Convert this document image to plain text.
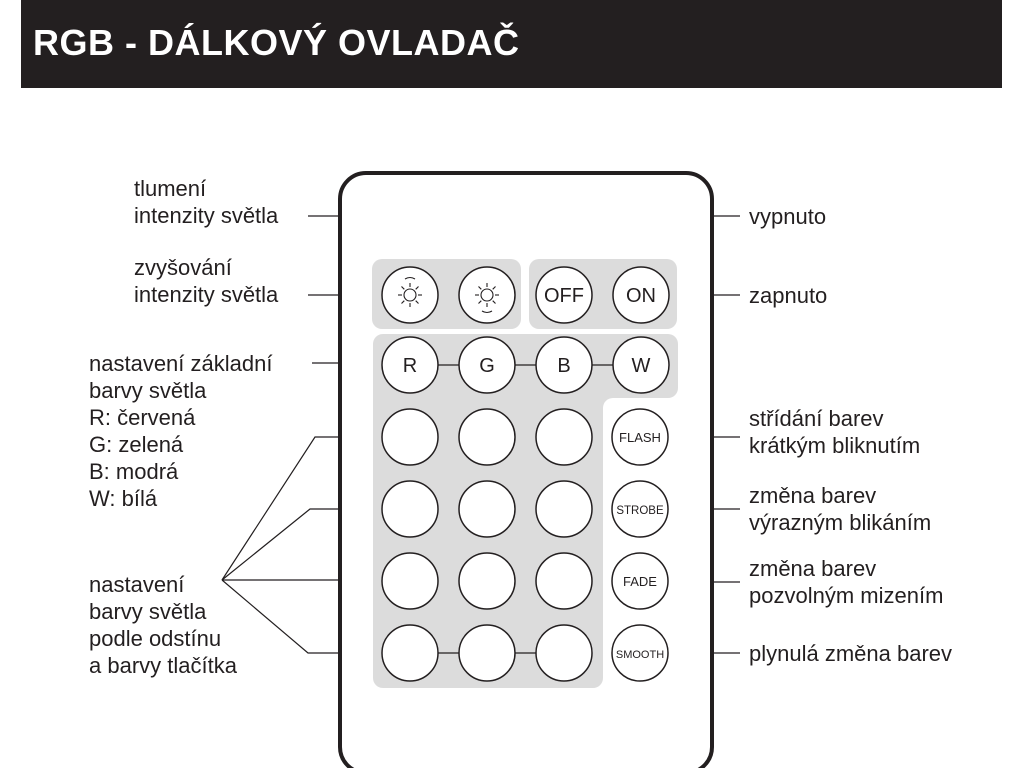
RGB - DÁLKOVÝ OVLADAČ
OFF ON
R	G	B	W
FLASH
STROBE
FADE
SMOOTH
tlumení
intenzity světla
zvyšování
intenzity světla
nastavení základní
barvy světla
R: červená
G: zelená
B: modrá
W: bílá
nastavení
barvy světla
podle odstínu
a barvy tlačítka
vypnuto
zapnuto
střídání barev
krátkým bliknutím
změna barev
výrazným blikáním
změna barev
pozvolným mizením
plynulá změna barev
